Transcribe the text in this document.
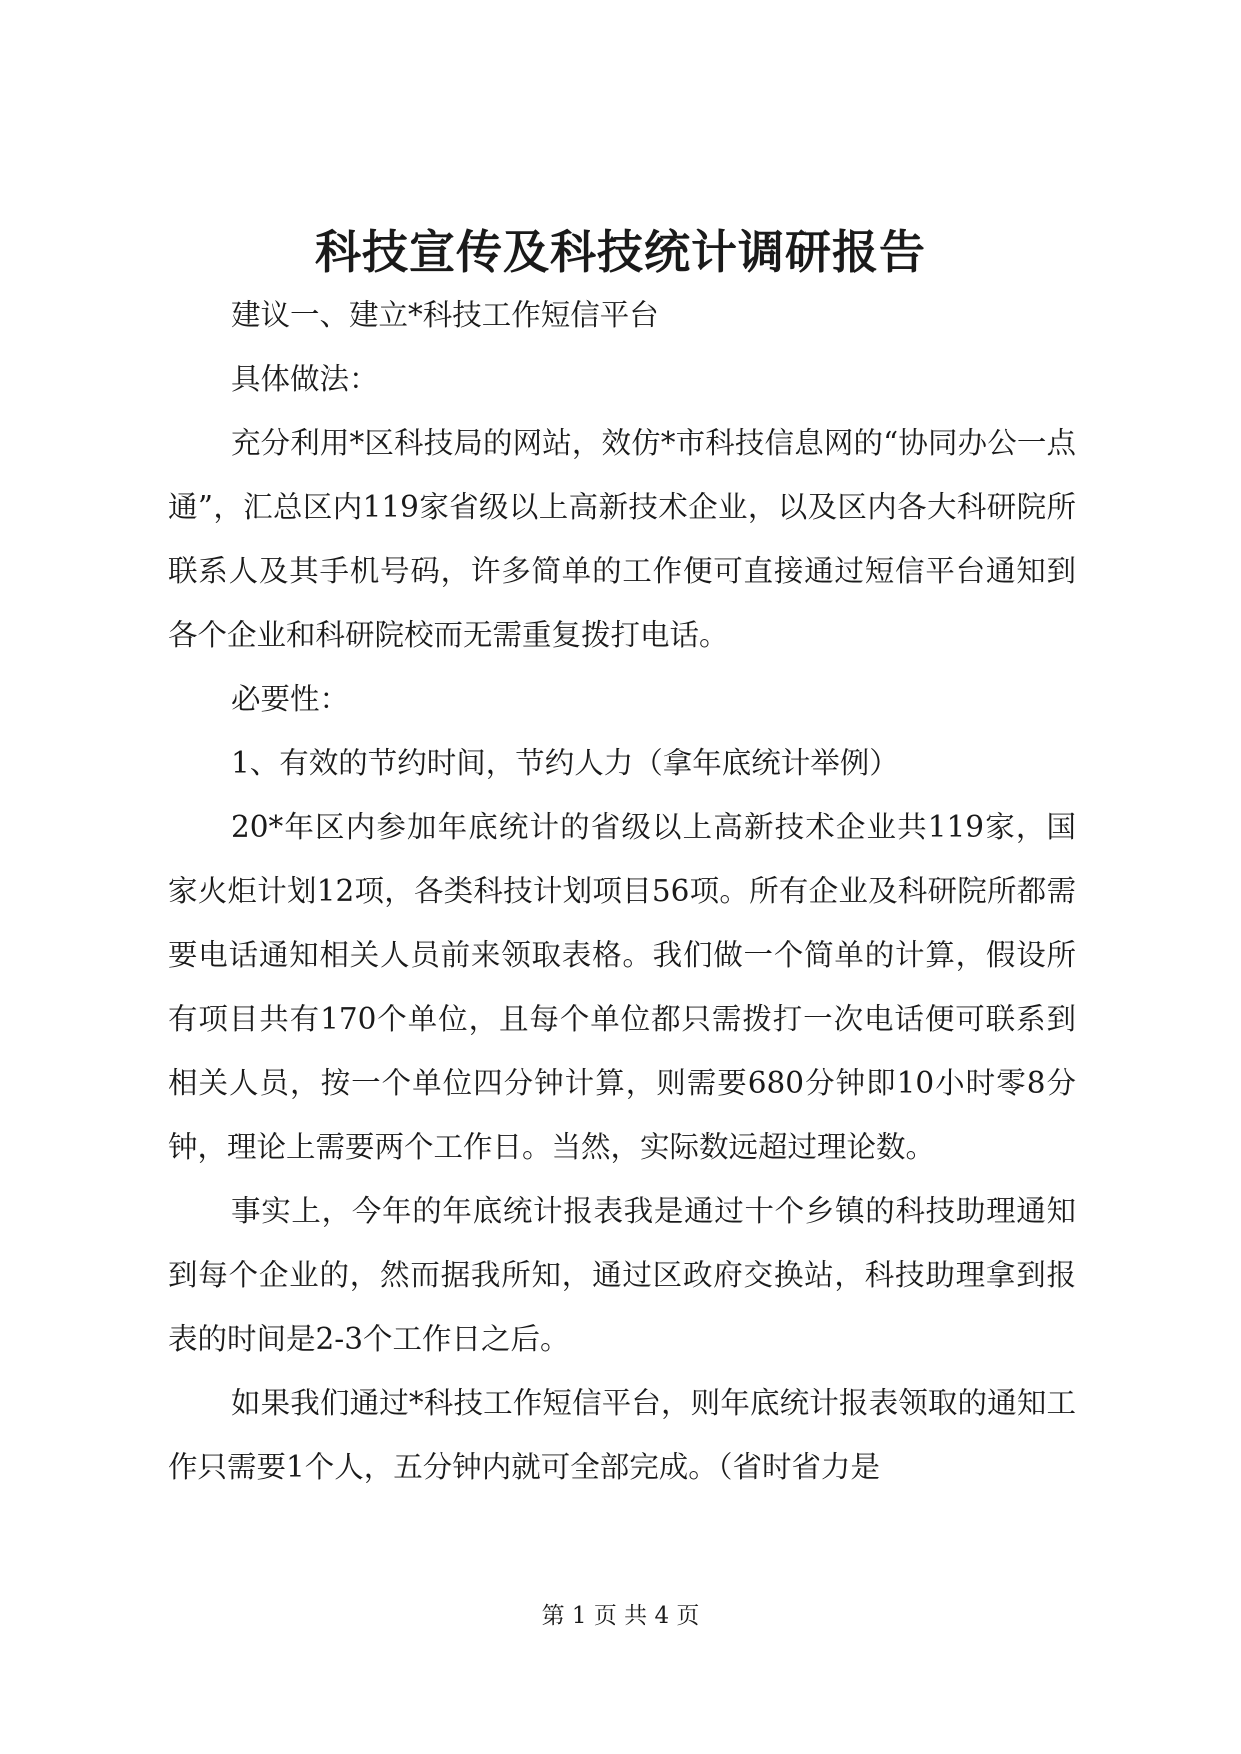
科技宣传及科技统计调研报告

建议一、建立*科技工作短信平台

具体做法：

充分利用*区科技局的网站，效仿*市科技信息网的“协同办公一点通”，汇总区内119家省级以上高新技术企业，以及区内各大科研院所联系人及其手机号码，许多简单的工作便可直接通过短信平台通知到各个企业和科研院校而无需重复拨打电话。

必要性：

1、有效的节约时间，节约人力（拿年底统计举例）

20*年区内参加年底统计的省级以上高新技术企业共119家，国家火炬计划12项，各类科技计划项目56项。所有企业及科研院所都需要电话通知相关人员前来领取表格。我们做一个简单的计算，假设所有项目共有170个单位，且每个单位都只需拨打一次电话便可联系到相关人员，按一个单位四分钟计算，则需要680分钟即10小时零8分钟，理论上需要两个工作日。当然，实际数远超过理论数。

事实上，今年的年底统计报表我是通过十个乡镇的科技助理通知到每个企业的，然而据我所知，通过区政府交换站，科技助理拿到报表的时间是2-3个工作日之后。

如果我们通过*科技工作短信平台，则年底统计报表领取的通知工作只需要1个人，五分钟内就可全部完成。（省时省力是

第 1 页 共 4 页
